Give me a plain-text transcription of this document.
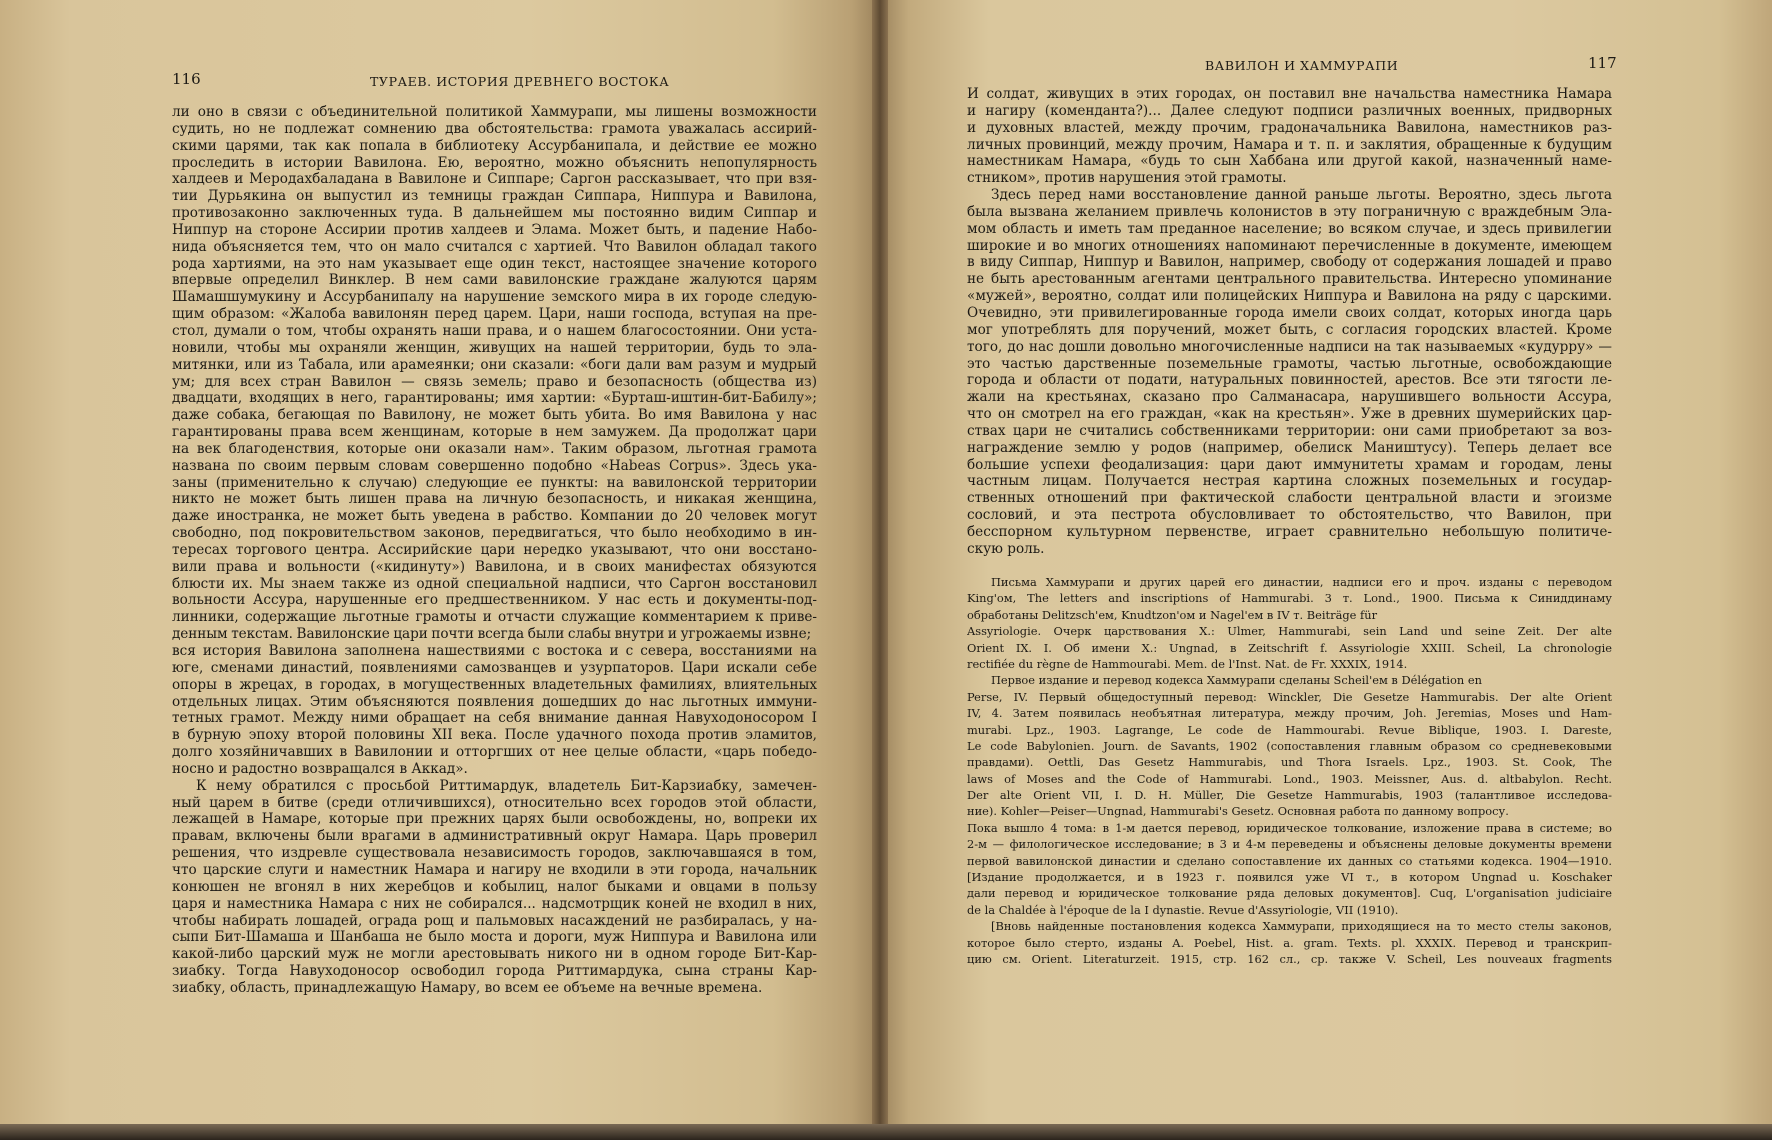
116	ТУРАЕВ. ИСТОРИЯ ДРЕВНЕГО ВОСТОКА
ли оно в связи с объединительной политикой Хаммурапи, мы лишены возможности
судить, но не подлежат сомнению два обстоятельства: грамота уважалась ассирий-
скими царями, так как попала в библиотеку Ассурбанипала, и действие ее можно
проследить в истории Вавилона. Ею, вероятно, можно объяснить непопулярность
халдеев и Меродахбаладана в Вавилоне и Сиппаре; Саргон рассказывает, что при взя-
тии Дурьякина он выпустил из темницы граждан Сиппара, Ниппура и Вавилона,
противозаконно заключенных туда. В дальнейшем мы постоянно видим Сиппар и
Ниппур на стороне Ассирии против халдеев и Элама. Может быть, и падение Набо-
нида объясняется тем, что он мало считался с хартией. Что Вавилон обладал такого
рода хартиями, на это нам указывает еще один текст, настоящее значение которого
впервые определил Винклер. В нем сами вавилонские граждане жалуются царям
Шамашшумукину и Ассурбанипалу на нарушение земского мира в их городе следую-
щим образом: «Жалоба вавилонян перед царем. Цари, наши господа, вступая на пре-
стол, думали о том, чтобы охранять наши права, и о нашем благосостоянии. Они уста-
новили, чтобы мы охраняли женщин, живущих на нашей территории, будь то эла-
митянки, или из Табала, или арамеянки; они сказали: «боги дали вам разум и мудрый
ум; для всех стран Вавилон — связь земель; право и безопасность (общества из)
двадцати, входящих в него, гарантированы; имя хартии: «Бурташ-иштин-бит-Бабилу»;
даже собака, бегающая по Вавилону, не может быть убита. Во имя Вавилона у нас
гарантированы права всем женщинам, которые в нем замужем. Да продолжат цари
на век благоденствия, которые они оказали нам». Таким образом, льготная грамота
названа по своим первым словам совершенно подобно «Habeas Corpus». Здесь ука-
заны (применительно к случаю) следующие ее пункты: на вавилонской территории
никто не может быть лишен права на личную безопасность, и никакая женщина,
даже иностранка, не может быть уведена в рабство. Компании до 20 человек могут
свободно, под покровительством законов, передвигаться, что было необходимо в ин-
тересах торгового центра. Ассирийские цари нередко указывают, что они восстано-
вили права и вольности («кидинуту») Вавилона, и в своих манифестах обязуются
блюсти их. Мы знаем также из одной специальной надписи, что Саргон восстановил
вольности Ассура, нарушенные его предшественником. У нас есть и документы-под-
линники, содержащие льготные грамоты и отчасти служащие комментарием к приве-
денным текстам. Вавилонские цари почти всегда были слабы внутри и угрожаемы извне;
вся история Вавилона заполнена нашествиями с востока и с севера, восстаниями на
юге, сменами династий, появлениями самозванцев и узурпаторов. Цари искали себе
опоры в жрецах, в городах, в могущественных владетельных фамилиях, влиятельных
отдельных лицах. Этим объясняются появления дошедших до нас льготных иммуни-
тетных грамот. Между ними обращает на себя внимание данная Навуходоносором I
в бурную эпоху второй половины XII века. После удачного похода против эламитов,
долго хозяйничавших в Вавилонии и отторгших от нее целые области, «царь победо-
носно и радостно возвращался в Аккад».
К нему обратился с просьбой Риттимардук, владетель Бит-Карзиабку, замечен-
ный царем в битве (среди отличившихся), относительно всех городов этой области,
лежащей в Намаре, которые при прежних царях были освобождены, но, вопреки их
правам, включены были врагами в административный округ Намара. Царь проверил
решения, что издревле существовала независимость городов, заключавшаяся в том,
что царские слуги и наместник Намара и нагиру не входили в эти города, начальник
конюшен не вгонял в них жеребцов и кобылиц, налог быками и овцами в пользу
царя и наместника Намара с них не собирался... надсмотрщик коней не входил в них,
чтобы набирать лошадей, ограда рощ и пальмовых насаждений не разбиралась, у на-
сыпи Бит-Шамаша и Шанбаша не было моста и дороги, муж Ниппура и Вавилона или
какой-либо царский муж не могли арестовывать никого ни в одном городе Бит-Кар-
зиабку. Тогда Навуходоносор освободил города Риттимардука, сына страны Кар-
зиабку, область, принадлежащую Намару, во всем ее объеме на вечные времена.
ВАВИЛОН И ХАММУРАПИ	117
И солдат, живущих в этих городах, он поставил вне начальства наместника Намара
и нагиру (коменданта?)... Далее следуют подписи различных военных, придворных
и духовных властей, между прочим, градоначальника Вавилона, наместников раз-
личных провинций, между прочим, Намара и т. п. и заклятия, обращенные к будущим
наместникам Намара, «будь то сын Хаббана или другой какой, назначенный наме-
стником», против нарушения этой грамоты.
Здесь перед нами восстановление данной раньше льготы. Вероятно, здесь льгота
была вызвана желанием привлечь колонистов в эту пограничную с враждебным Эла-
мом область и иметь там преданное население; во всяком случае, и здесь привилегии
широкие и во многих отношениях напоминают перечисленные в документе, имеющем
в виду Сиппар, Ниппур и Вавилон, например, свободу от содержания лошадей и право
не быть арестованным агентами центрального правительства. Интересно упоминание
«мужей», вероятно, солдат или полицейских Ниппура и Вавилона на ряду с царскими.
Очевидно, эти привилегированные города имели своих солдат, которых иногда царь
мог употреблять для поручений, может быть, с согласия городских властей. Кроме
того, до нас дошли довольно многочисленные надписи на так называемых «кудурру» —
это частью дарственные поземельные грамоты, частью льготные, освобождающие
города и области от подати, натуральных повинностей, арестов. Все эти тягости ле-
жали на крестьянах, сказано про Салманасара, нарушившего вольности Ассура,
что он смотрел на его граждан, «как на крестьян». Уже в древних шумерийских цар-
ствах цари не считались собственниками территории: они сами приобретают за воз-
награждение землю у родов (например, обелиск Маништусу). Теперь делает все
большие успехи феодализация: цари дают иммунитеты храмам и городам, лены
частным лицам. Получается нестрая картина сложных поземельных и государ-
ственных отношений при фактической слабости центральной власти и эгоизме
сословий, и эта пестрота обусловливает то обстоятельство, что Вавилон, при
бесспорном культурном первенстве, играет сравнительно небольшую политиче-
скую роль.
Письма Хаммурапи и других царей его династии, надписи его и проч. изданы с переводом
King'ом, The letters and inscriptions of Hammurabi. 3 т. Lond., 1900. Письма к Синиддинаму
обработаны Delitzsch'ем, Knudtzon'ом и Nagel'ем в IV т. Beiträge für
Assyriologie. Очерк царствования Х.: Ulmer, Hammurabi, sein Land und seine Zeit. Der alte
Orient IX. I. Об имени Х.: Ungnad, в Zeitschrift f. Assyriologie XXIII. Scheil, La chronologie
rectifiée du règne de Hammourabi. Mem. de l'Inst. Nat. de Fr. XXXIX, 1914.
Первое издание и перевод кодекса Хаммурапи сделаны Scheil'ем в Délégation en
Perse, IV. Первый общедоступный перевод: Winckler, Die Gesetze Hammurabis. Der alte Orient
IV, 4. Затем появилась необъятная литература, между прочим, Joh. Jeremias, Moses und Ham-
murabi. Lpz., 1903. Lagrange, Le code de Hammourabi. Revue Biblique, 1903. I. Dareste,
Le code Babylonien. Journ. de Savants, 1902 (сопоставления главным образом со средневековыми
правдами). Oettli, Das Gesetz Hammurabis, und Thora Israels. Lpz., 1903. St. Cook, The
laws of Moses and the Code of Hammurabi. Lond., 1903. Meissner, Aus. d. altbabylon. Recht.
Der alte Orient VII, I. D. H. Müller, Die Gesetze Hammurabis, 1903 (талантливое исследова-
ние). Kohler—Peiser—Ungnad, Hammurabi's Gesetz. Основная работа по данному вопросу.
Пока вышло 4 тома: в 1-м дается перевод, юридическое толкование, изложение права в системе; во
2-м — филологическое исследование; в 3 и 4-м переведены и объяснены деловые документы времени
первой вавилонской династии и сделано сопоставление их данных со статьями кодекса. 1904—1910.
[Издание продолжается, и в 1923 г. появился уже VI т., в котором Ungnad u. Koschaker
дали перевод и юридическое толкование ряда деловых документов]. Cuq, L'organisation judiciaire
de la Chaldée à l'époque de la I dynastie. Revue d'Assyriologie, VII (1910).
[Вновь найденные постановления кодекса Хаммурапи, приходящиеся на то место стелы законов,
которое было стерто, изданы A. Poebel, Hist. a. gram. Texts. pl. XXXIX. Перевод и транскрип-
цию см. Orient. Literaturzeit. 1915, стр. 162 сл., ср. также V. Scheil, Les nouveaux fragments
